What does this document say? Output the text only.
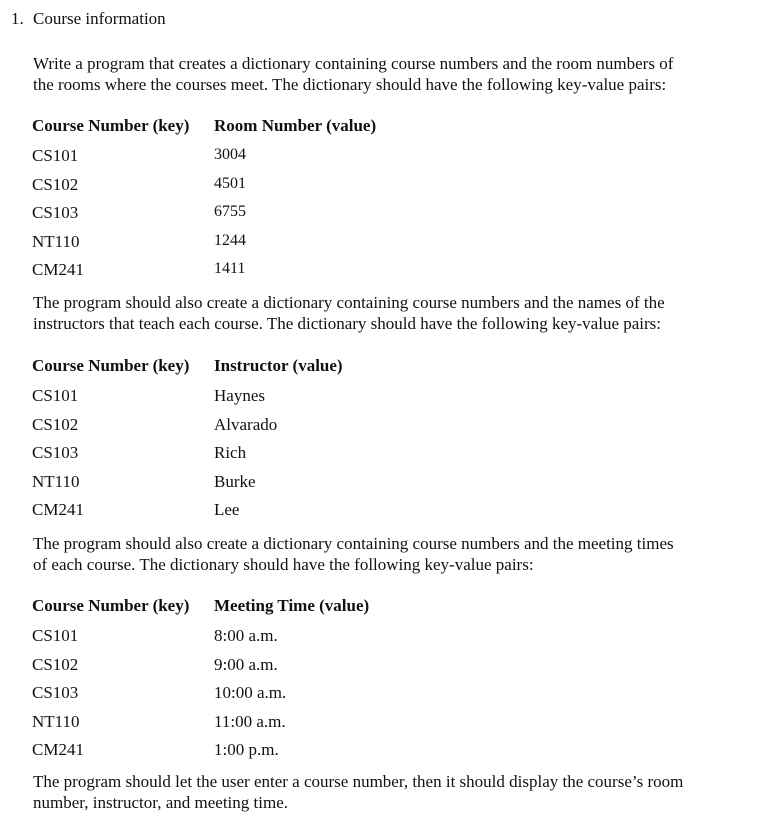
1. Course information

Write a program that creates a dictionary containing course numbers and the room numbers of
the rooms where the courses meet. The dictionary should have the following key-value pairs:

Course Number (key)	Room Number (value)
CS101	3004
CS102	4501
CS103	6755
NT110	1244
CM241	1411

The program should also create a dictionary containing course numbers and the names of the
instructors that teach each course. The dictionary should have the following key-value pairs:

Course Number (key)	Instructor (value)
CS101	Haynes
CS102	Alvarado
CS103	Rich
NT110	Burke
CM241	Lee

The program should also create a dictionary containing course numbers and the meeting times
of each course. The dictionary should have the following key-value pairs:

Course Number (key)	Meeting Time (value)
CS101	8:00 a.m.
CS102	9:00 a.m.
CS103	10:00 a.m.
NT110	11:00 a.m.
CM241	1:00 p.m.

The program should let the user enter a course number, then it should display the course’s room
number, instructor, and meeting time.
